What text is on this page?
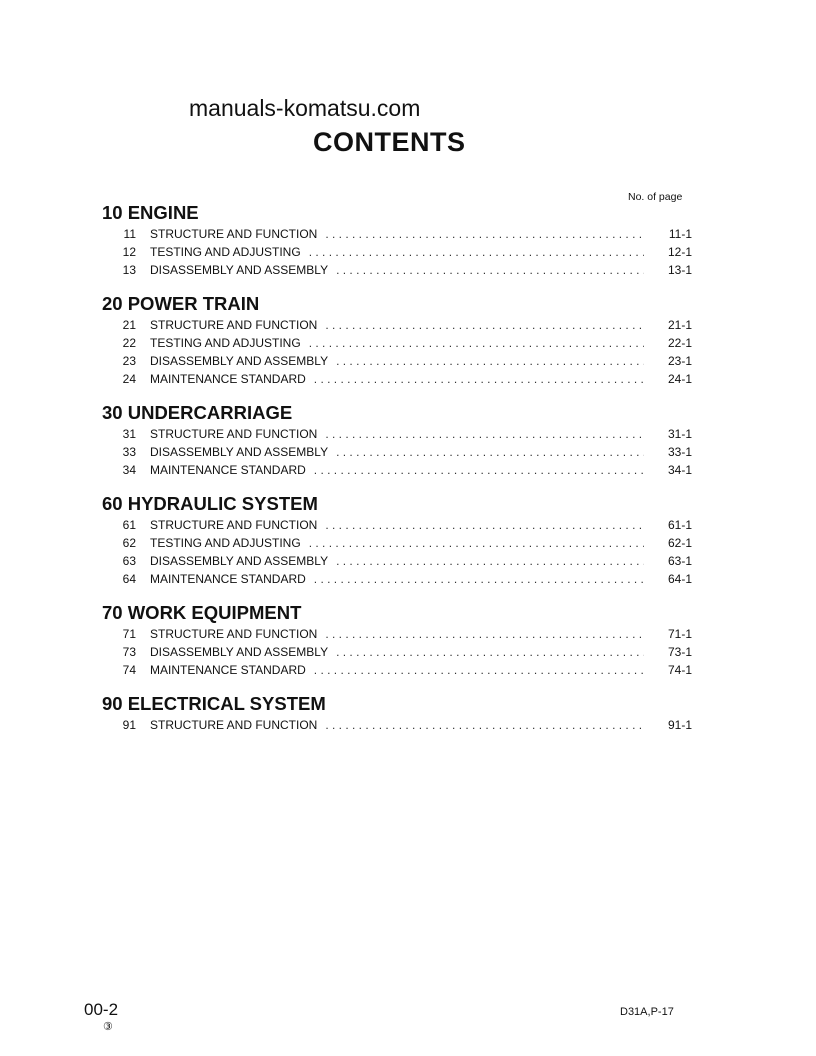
manuals-komatsu.com
CONTENTS
No. of page
10 ENGINE
11	STRUCTURE AND FUNCTION . . .	11-1
12	TESTING AND ADJUSTING . . .	12-1
13	DISASSEMBLY AND ASSEMBLY . . .	13-1
20 POWER TRAIN
21	STRUCTURE AND FUNCTION . . .	21-1
22	TESTING AND ADJUSTING . . .	22-1
23	DISASSEMBLY AND ASSEMBLY . . .	23-1
24	MAINTENANCE STANDARD . . .	24-1
30 UNDERCARRIAGE
31	STRUCTURE AND FUNCTION . . .	31-1
33	DISASSEMBLY AND ASSEMBLY . . .	33-1
34	MAINTENANCE STANDARD . . .	34-1
60 HYDRAULIC SYSTEM
61	STRUCTURE AND FUNCTION . . .	61-1
62	TESTING AND ADJUSTING . . .	62-1
63	DISASSEMBLY AND ASSEMBLY . . .	63-1
64	MAINTENANCE STANDARD . . .	64-1
70 WORK EQUIPMENT
71	STRUCTURE AND FUNCTION . . .	71-1
73	DISASSEMBLY AND ASSEMBLY . . .	73-1
74	MAINTENANCE STANDARD . . .	74-1
90 ELECTRICAL SYSTEM
91	STRUCTURE AND FUNCTION . . .	91-1
00-2
③
D31A,P-17
